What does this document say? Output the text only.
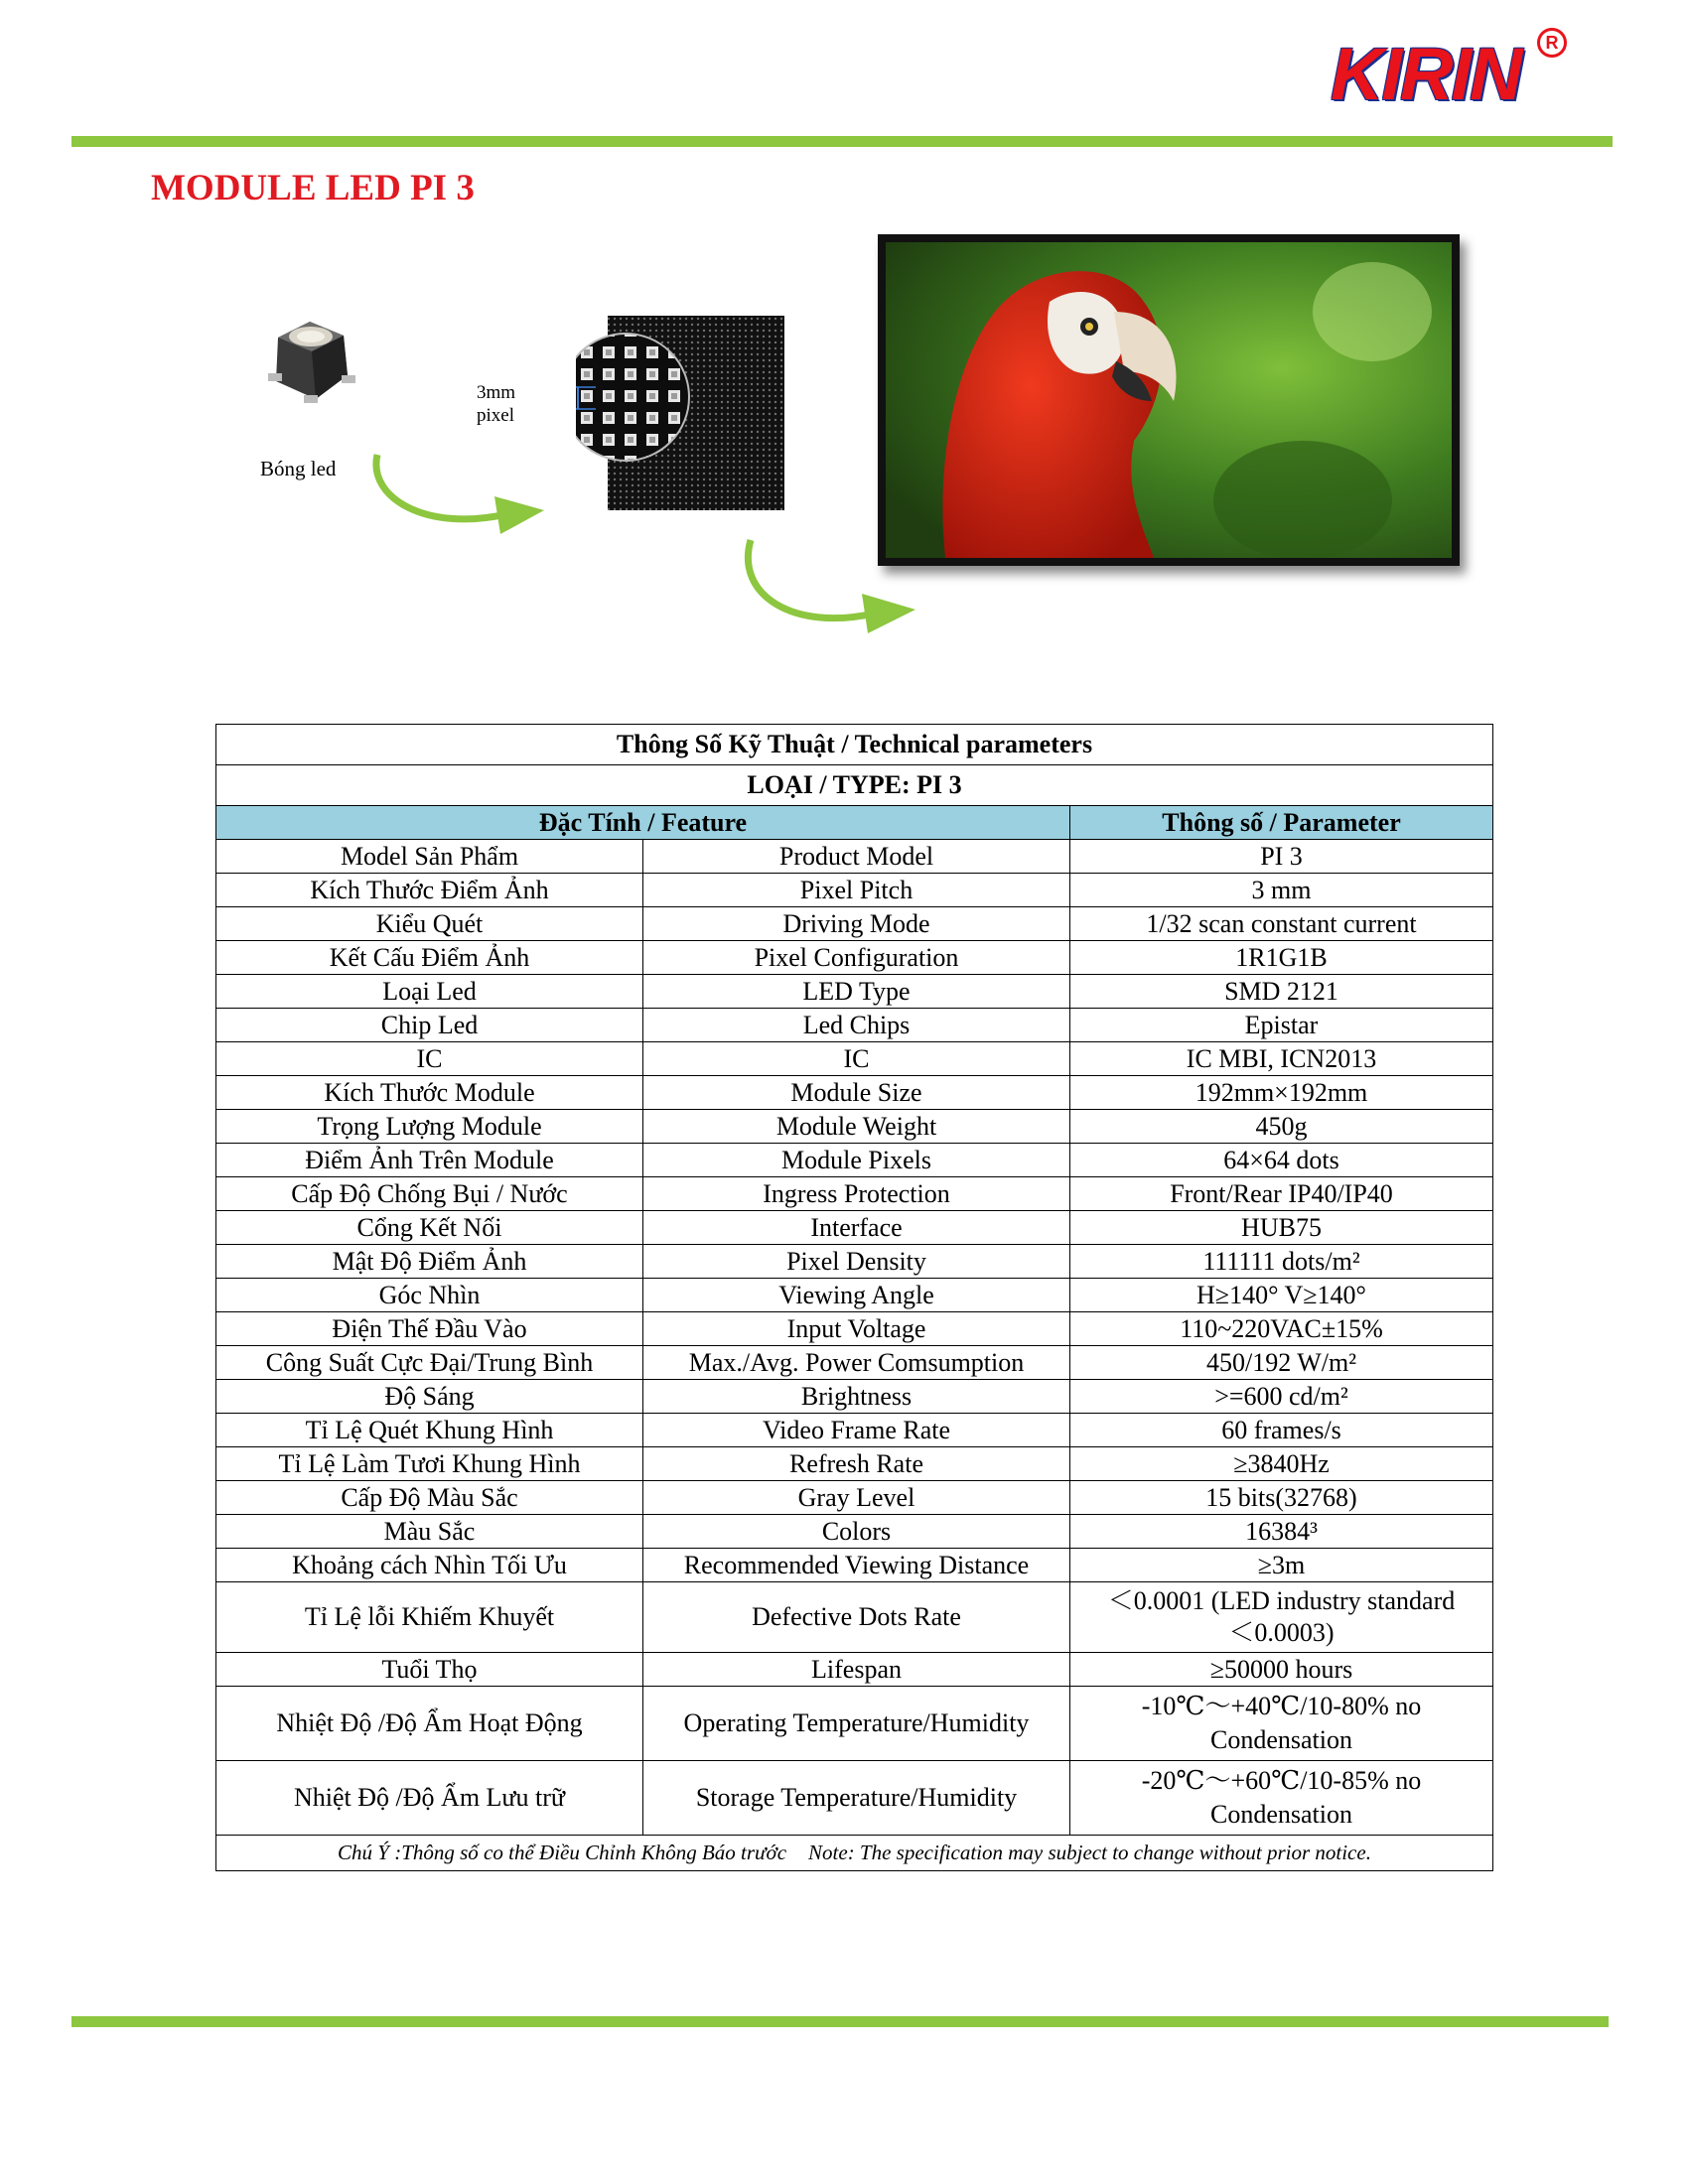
KIRIN	R
MODULE LED PI 3
Bóng led
3mm
pixel
Thông Số Kỹ Thuật / Technical parameters		
LOẠI / TYPE: PI 3		
Đặc Tính / Feature		Thông số / Parameter
Model Sản Phẩm	Product Model	PI 3
Kích Thước Điểm Ảnh	Pixel Pitch	3 mm
Kiểu Quét	Driving Mode	1/32 scan constant current
Kết Cấu Điểm Ảnh	Pixel Configuration	1R1G1B
Loại Led	LED Type	SMD 2121
Chip Led	Led Chips	Epistar
IC	IC	IC MBI, ICN2013
Kích Thước Module	Module Size	192mm×192mm
Trọng Lượng Module	Module Weight	450g
Điểm Ảnh Trên Module	Module Pixels	64×64 dots
Cấp Độ Chống Bụi / Nước	Ingress Protection	Front/Rear IP40/IP40
Cổng Kết Nối	Interface	HUB75
Mật Độ Điểm Ảnh	Pixel Density	111111 dots/m²
Góc Nhìn	Viewing Angle	H≥140° V≥140°
Điện Thế Đầu Vào	Input Voltage	110~220VAC±15%
Công Suất Cực Đại/Trung Bình	Max./Avg. Power Comsumption	450/192 W/m²
Độ Sáng	Brightness	>=600 cd/m²
Tỉ Lệ Quét Khung Hình	Video Frame Rate	60 frames/s
Tỉ Lệ Làm Tươi Khung Hình	Refresh Rate	≥3840Hz
Cấp Độ Màu Sắc	Gray Level	15 bits(32768)
Màu Sắc	Colors	16384³
Khoảng cách Nhìn Tối Ưu	Recommended Viewing Distance	≥3m
Tỉ Lệ lỗi Khiếm Khuyết	Defective Dots Rate	＜0.0001 (LED industry standard
＜0.0003)

Tuổi Thọ	Lifespan	≥50000 hours
Nhiệt Độ /Độ Ẩm Hoạt Động	Operating Temperature/Humidity	-10℃～+40℃/10-80% no
Condensation

Nhiệt Độ /Độ Ẩm Lưu trữ	Storage Temperature/Humidity	-20℃～+60℃/10-85% no
Condensation

Chú Ý :Thông số co thể Điều Chỉnh Không Báo trước Note: The specification may subject to change without prior notice.		
